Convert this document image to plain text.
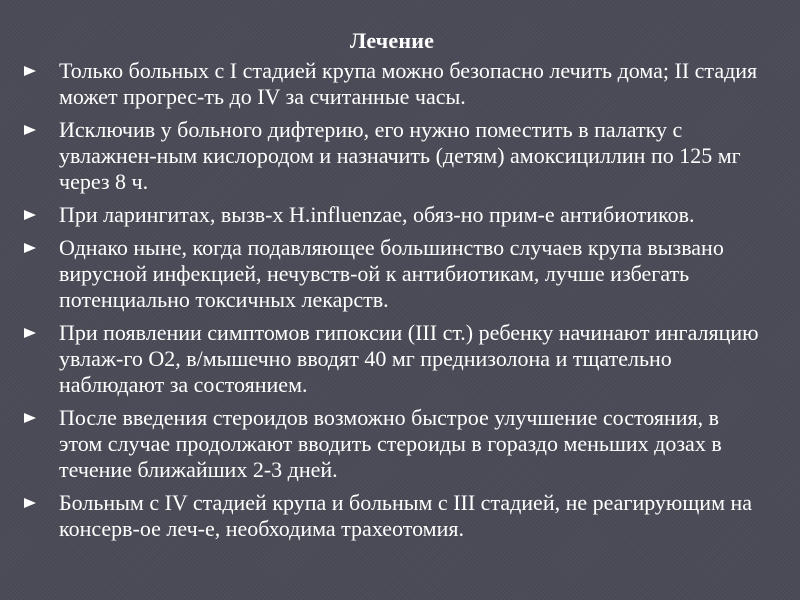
Лечение
Только больных с I стадией крупа можно безопасно лечить дома; II стадия может прогрес-ть до IV за считанные часы.
Исключив у больного дифтерию, его нужно поместить в палатку с увлажнен-ным кислородом и назначить (детям) амоксициллин по 125 мг через 8 ч.
При ларингитах, вызв-х H.influenzae, обяз-но прим-е антибиотиков.
Однако ныне, когда подавляющее большинство случаев крупа вызвано вирусной инфекцией, нечувств-ой к антибиотикам, лучше избегать потенциально токсичных лекарств.
При появлении симптомов гипоксии (III ст.) ребенку начинают ингаляцию увлаж-го О2, в/мышечно вводят 40 мг преднизолона и тщательно наблюдают за состоянием.
После введения стероидов возможно быстрое улучшение состояния, в этом случае продолжают вводить стероиды в гораздо меньших дозах в течение ближайших 2-3 дней.
Больным с IV стадией крупа и больным с III стадией, не реагирующим на консерв-ое леч-е, необходима трахеотомия.
